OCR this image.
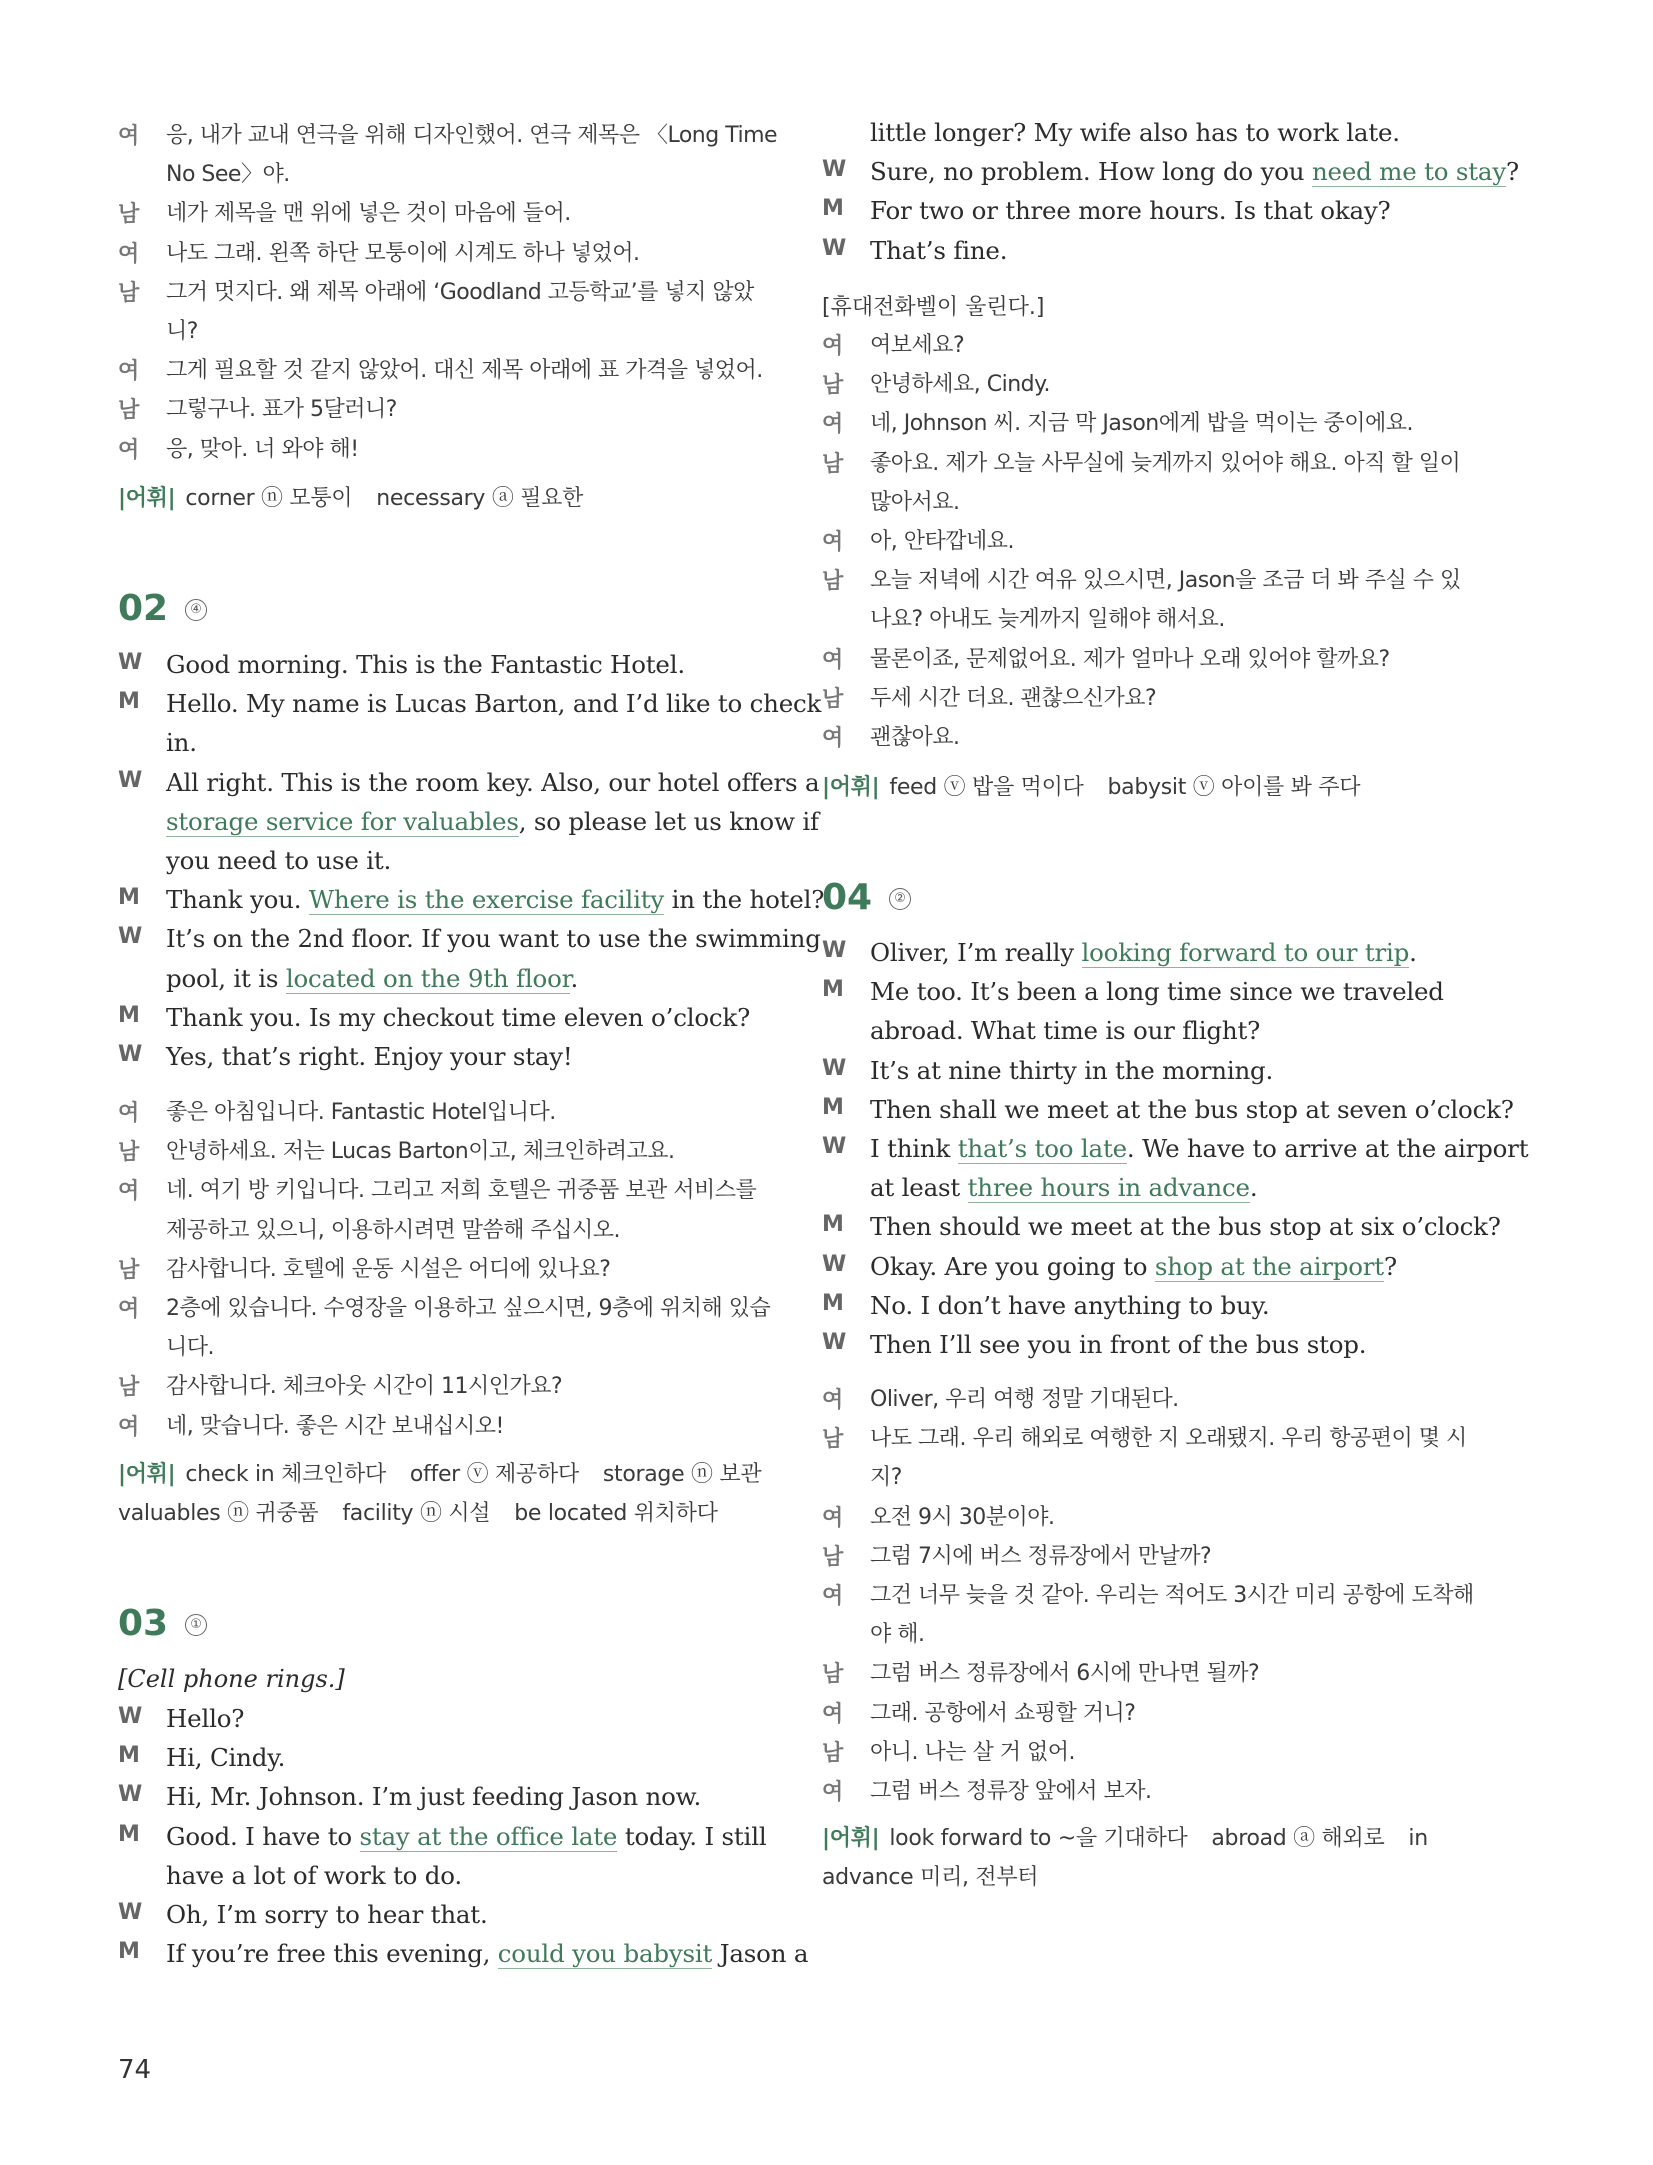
여 응, 내가 교내 연극을 위해 디자인했어. 연극 제목은 〈Long Time
No See〉야.
남 네가 제목을 맨 위에 넣은 것이 마음에 들어.
여 나도 그래. 왼쪽 하단 모퉁이에 시계도 하나 넣었어.
남 그거 멋지다. 왜 제목 아래에 ‘Goodland 고등학교’를 넣지 않았
니?
여 그게 필요할 것 같지 않았어. 대신 제목 아래에 표 가격을 넣었어.
남 그렇구나. 표가 5달러니?
여 응, 맞아. 너 와야 해!
|어휘| corner ⓝ 모퉁이 necessary ⓐ 필요한
02 ④
W Good morning. This is the Fantastic Hotel.
M Hello. My name is Lucas Barton, and I’d like to check
in.
W All right. This is the room key. Also, our hotel offers a
storage service for valuables, so please let us know if
you need to use it.
M Thank you. Where is the exercise facility in the hotel?
W It’s on the 2nd floor. If you want to use the swimming
pool, it is located on the 9th floor.
M Thank you. Is my checkout time eleven o’clock?
W Yes, that’s right. Enjoy your stay!
여 좋은 아침입니다. Fantastic Hotel입니다.
남 안녕하세요. 저는 Lucas Barton이고, 체크인하려고요.
여 네. 여기 방 키입니다. 그리고 저희 호텔은 귀중품 보관 서비스를
제공하고 있으니, 이용하시려면 말씀해 주십시오.
남 감사합니다. 호텔에 운동 시설은 어디에 있나요?
여 2층에 있습니다. 수영장을 이용하고 싶으시면, 9층에 위치해 있습
니다.
남 감사합니다. 체크아웃 시간이 11시인가요?
여 네, 맞습니다. 좋은 시간 보내십시오!
|어휘| check in 체크인하다 offer ⓥ 제공하다 storage ⓝ 보관
valuables ⓝ 귀중품 facility ⓝ 시설 be located 위치하다
03 ①
[Cell phone rings.]
W Hello?
M Hi, Cindy.
W Hi, Mr. Johnson. I’m just feeding Jason now.
M Good. I have to stay at the office late today. I still
have a lot of work to do.
W Oh, I’m sorry to hear that.
M If you’re free this evening, could you babysit Jason a
little longer? My wife also has to work late.
W Sure, no problem. How long do you need me to stay?
M For two or three more hours. Is that okay?
W That’s fine.
[휴대전화벨이 울린다.]
여 여보세요?
남 안녕하세요, Cindy.
여 네, Johnson 씨. 지금 막 Jason에게 밥을 먹이는 중이에요.
남 좋아요. 제가 오늘 사무실에 늦게까지 있어야 해요. 아직 할 일이
많아서요.
여 아, 안타깝네요.
남 오늘 저녁에 시간 여유 있으시면, Jason을 조금 더 봐 주실 수 있
나요? 아내도 늦게까지 일해야 해서요.
여 물론이죠, 문제없어요. 제가 얼마나 오래 있어야 할까요?
남 두세 시간 더요. 괜찮으신가요?
여 괜찮아요.
|어휘| feed ⓥ 밥을 먹이다 babysit ⓥ 아이를 봐 주다
04 ②
W Oliver, I’m really looking forward to our trip.
M Me too. It’s been a long time since we traveled
abroad. What time is our flight?
W It’s at nine thirty in the morning.
M Then shall we meet at the bus stop at seven o’clock?
W I think that’s too late. We have to arrive at the airport
at least three hours in advance.
M Then should we meet at the bus stop at six o’clock?
W Okay. Are you going to shop at the airport?
M No. I don’t have anything to buy.
W Then I’ll see you in front of the bus stop.
여 Oliver, 우리 여행 정말 기대된다.
남 나도 그래. 우리 해외로 여행한 지 오래됐지. 우리 항공편이 몇 시
지?
여 오전 9시 30분이야.
남 그럼 7시에 버스 정류장에서 만날까?
여 그건 너무 늦을 것 같아. 우리는 적어도 3시간 미리 공항에 도착해
야 해.
남 그럼 버스 정류장에서 6시에 만나면 될까?
여 그래. 공항에서 쇼핑할 거니?
남 아니. 나는 살 거 없어.
여 그럼 버스 정류장 앞에서 보자.
|어휘| look forward to ~을 기대하다 abroad ⓐ 해외로 in
advance 미리, 전부터
74
